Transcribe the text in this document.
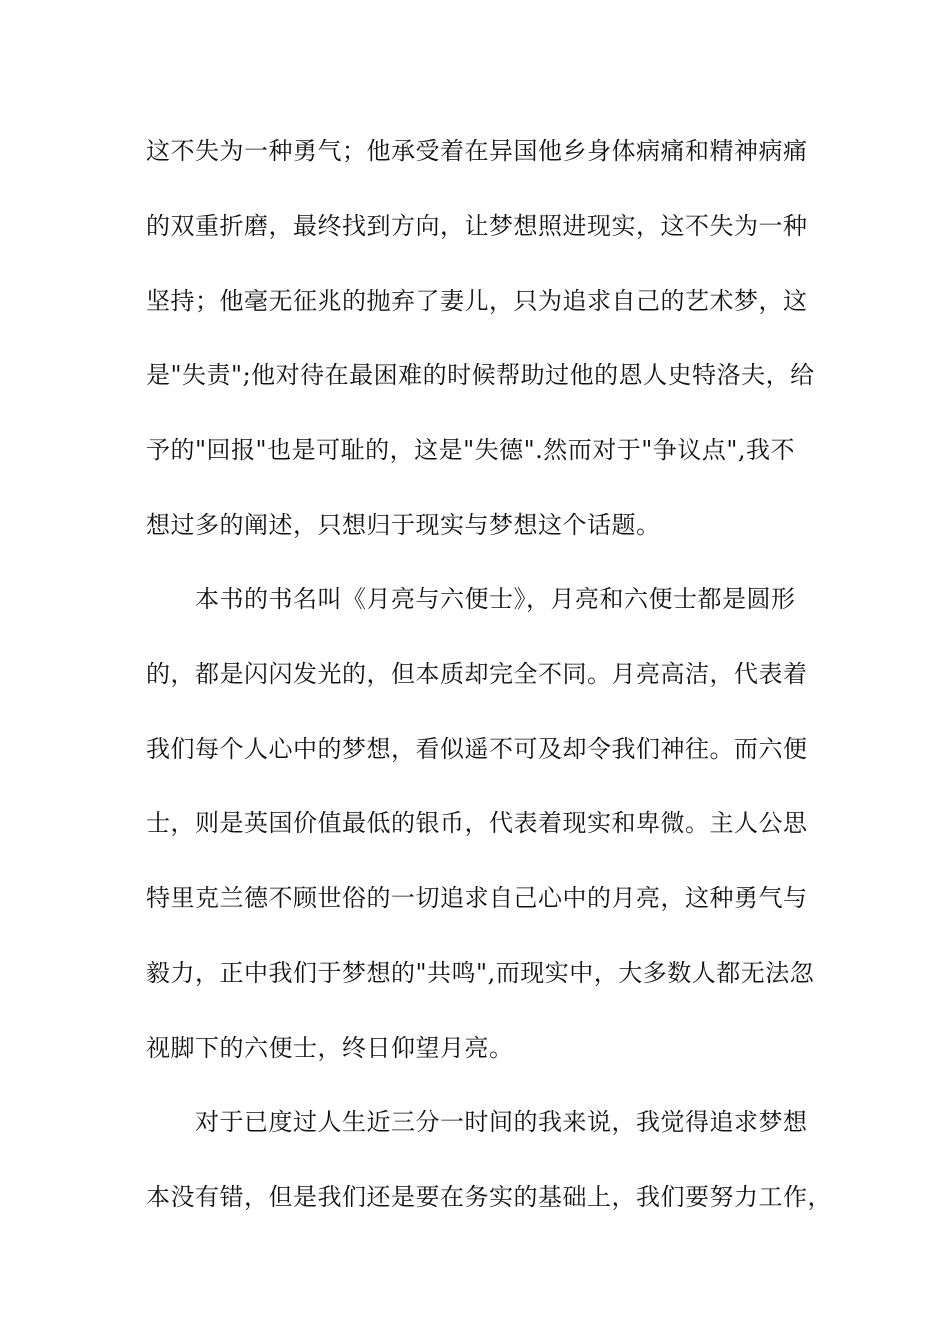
这不失为一种勇气；他承受着在异国他乡身体病痛和精神病痛
的双重折磨，最终找到方向，让梦想照进现实，这不失为一种
坚持；他毫无征兆的抛弃了妻儿，只为追求自己的艺术梦，这
是"失责";他对待在最困难的时候帮助过他的恩人史特洛夫，给
予的"回报"也是可耻的，这是"失德".然而对于"争议点",我不
想过多的阐述，只想归于现实与梦想这个话题。
　　本书的书名叫《月亮与六便士》，月亮和六便士都是圆形
的，都是闪闪发光的，但本质却完全不同。月亮高洁，代表着
我们每个人心中的梦想，看似遥不可及却令我们神往。而六便
士，则是英国价值最低的银币，代表着现实和卑微。主人公思
特里克兰德不顾世俗的一切追求自己心中的月亮，这种勇气与
毅力，正中我们于梦想的"共鸣",而现实中，大多数人都无法忽
视脚下的六便士，终日仰望月亮。
　　对于已度过人生近三分一时间的我来说，我觉得追求梦想
本没有错，但是我们还是要在务实的基础上，我们要努力工作，
